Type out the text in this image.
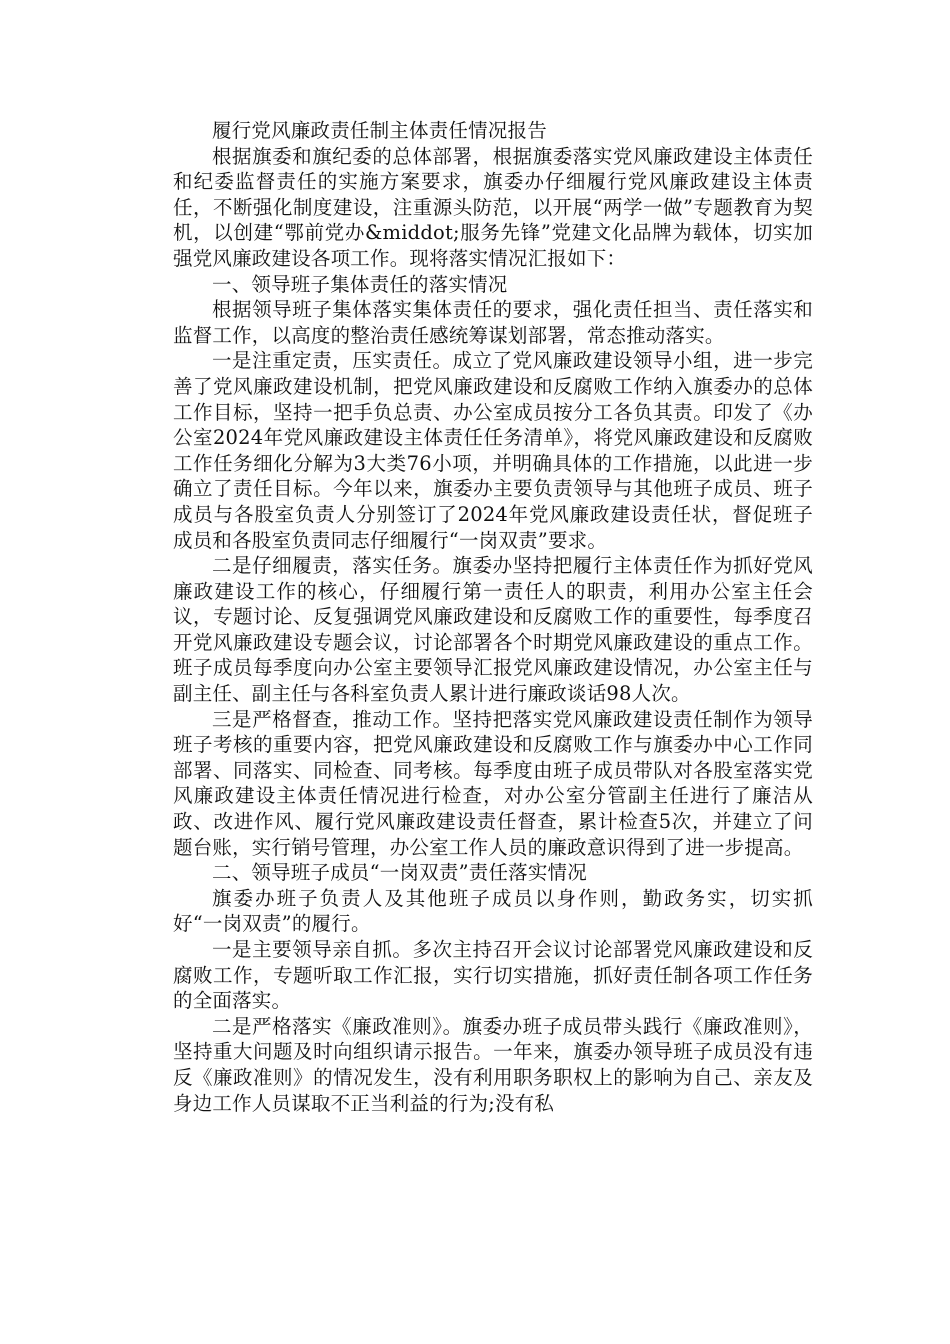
履行党风廉政责任制主体责任情况报告

根据旗委和旗纪委的总体部署，根据旗委落实党风廉政建设主体责任和纪委监督责任的实施方案要求，旗委办仔细履行党风廉政建设主体责任，不断强化制度建设，注重源头防范，以开展“两学一做”专题教育为契机，以创建“鄂前党办&middot;服务先锋”党建文化品牌为载体，切实加强党风廉政建设各项工作。现将落实情况汇报如下：

一、领导班子集体责任的落实情况

根据领导班子集体落实集体责任的要求，强化责任担当、责任落实和监督工作，以高度的整治责任感统筹谋划部署，常态推动落实。

一是注重定责，压实责任。成立了党风廉政建设领导小组，进一步完善了党风廉政建设机制，把党风廉政建设和反腐败工作纳入旗委办的总体工作目标，坚持一把手负总责、办公室成员按分工各负其责。印发了《办公室2024年党风廉政建设主体责任任务清单》，将党风廉政建设和反腐败工作任务细化分解为3大类76小项，并明确具体的工作措施，以此进一步确立了责任目标。今年以来，旗委办主要负责领导与其他班子成员、班子成员与各股室负责人分别签订了2024年党风廉政建设责任状，督促班子成员和各股室负责同志仔细履行“一岗双责”要求。

二是仔细履责，落实任务。旗委办坚持把履行主体责任作为抓好党风廉政建设工作的核心，仔细履行第一责任人的职责，利用办公室主任会议，专题讨论、反复强调党风廉政建设和反腐败工作的重要性，每季度召开党风廉政建设专题会议，讨论部署各个时期党风廉政建设的重点工作。班子成员每季度向办公室主要领导汇报党风廉政建设情况，办公室主任与副主任、副主任与各科室负责人累计进行廉政谈话98人次。

三是严格督查，推动工作。坚持把落实党风廉政建设责任制作为领导班子考核的重要内容，把党风廉政建设和反腐败工作与旗委办中心工作同部署、同落实、同检查、同考核。每季度由班子成员带队对各股室落实党风廉政建设主体责任情况进行检查，对办公室分管副主任进行了廉洁从政、改进作风、履行党风廉政建设责任督查，累计检查5次，并建立了问题台账，实行销号管理，办公室工作人员的廉政意识得到了进一步提高。

二、领导班子成员“一岗双责”责任落实情况

旗委办班子负责人及其他班子成员以身作则，勤政务实，切实抓好“一岗双责”的履行。

一是主要领导亲自抓。多次主持召开会议讨论部署党风廉政建设和反腐败工作，专题听取工作汇报，实行切实措施，抓好责任制各项工作任务的全面落实。

二是严格落实《廉政准则》。旗委办班子成员带头践行《廉政准则》，坚持重大问题及时向组织请示报告。一年来，旗委办领导班子成员没有违反《廉政准则》的情况发生，没有利用职务职权上的影响为自己、亲友及身边工作人员谋取不正当利益的行为;没有私
